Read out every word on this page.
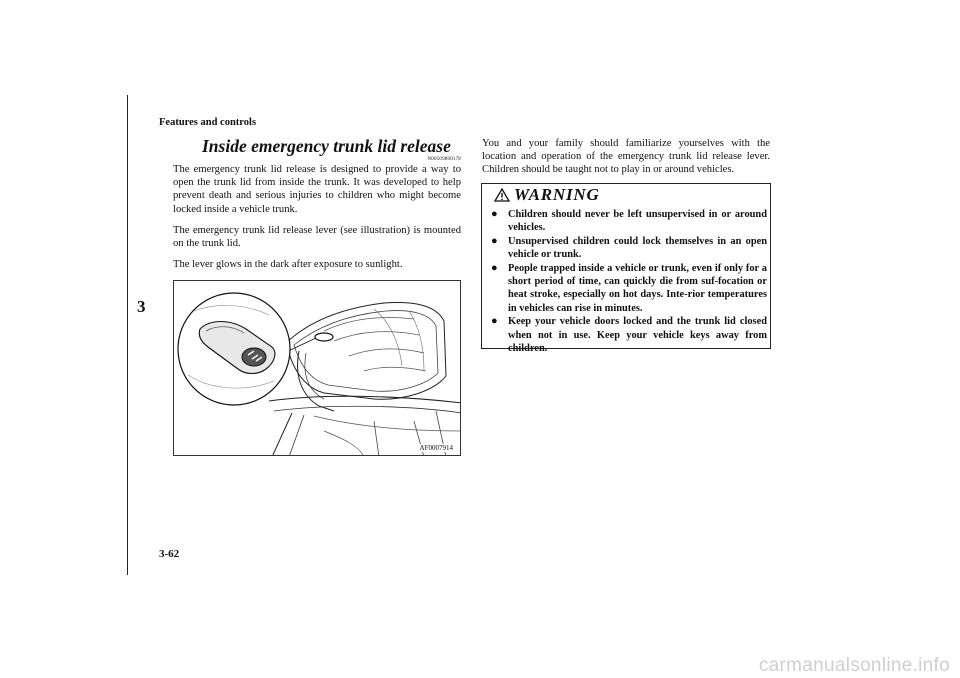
Features and controls
3
Inside emergency trunk lid release
N00509800178

The emergency trunk lid release is designed to provide a way to open the trunk lid from inside the trunk. It was developed to help prevent death and serious injuries to children who might become locked inside a vehicle trunk.

The emergency trunk lid release lever (see illustration) is mounted on the trunk lid.

The lever glows in the dark after exposure to sunlight.

AF0007914

You and your family should familiarize yourselves with the location and operation of the emergency trunk lid release lever. Children should be taught not to play in or around vehicles.

WARNING
● Children should never be left unsupervised in or around vehicles.
● Unsupervised children could lock themselves in an open vehicle or trunk.
● People trapped inside a vehicle or trunk, even if only for a short period of time, can quickly die from suf-focation or heat stroke, especially on hot days. Inte-rior temperatures in vehicles can rise in minutes.
● Keep your vehicle doors locked and the trunk lid closed when not in use. Keep your vehicle keys away from children.
3-62
carmanualsonline.info
